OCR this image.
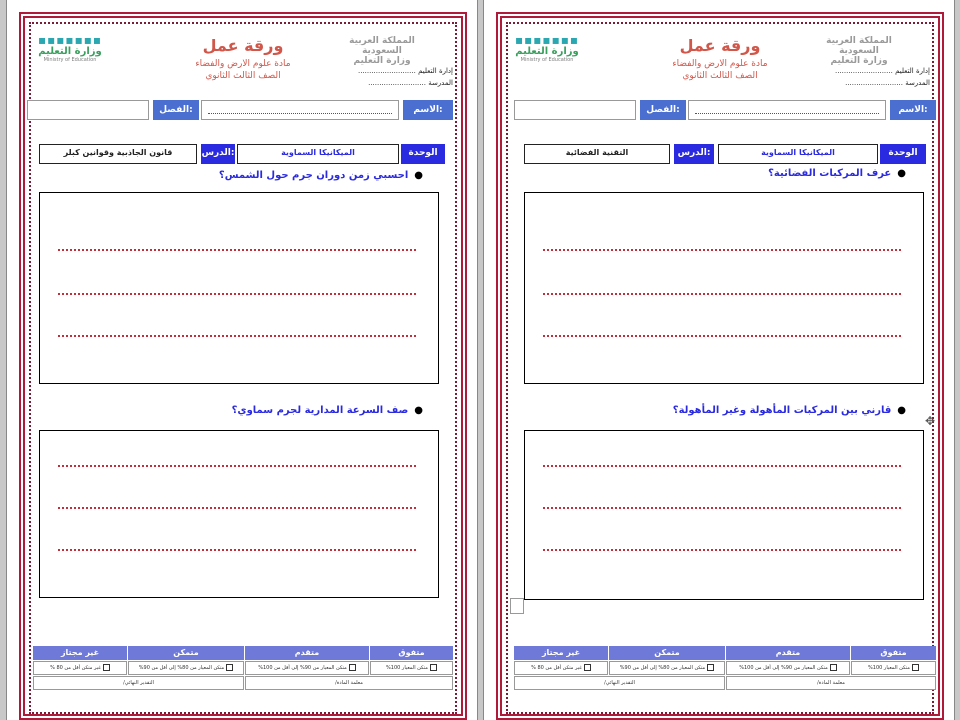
▪▪▪▪▪▪▪
وزارة التعليم
Ministry of Education
ورقة عمل
مادة علوم الارض والفضاء
الصف الثالث الثانوي
المملكة العربية السعودية
وزارة التعليم
إدارة التعليم ..........................
المدرسة ..........................
الفصل:	الاسم:
قانون الجاذبية وقوانين كبلر	الدرس:	الميكانيكا السماوية	الوحدة
●احسبي زمن دوران جرم حول الشمس؟
●صف السرعة المدارية لجرم سماوي؟
غير مجتاز	متمكن	متقدم	متفوق
غير متكن أقل من 80 %	متكن المعيار من 80% إلى أقل من 90%	متكن المعيار من 90% إلى أقل من 100%	متكن المعيار 100%
التقدير النهائي/	معلمة المادة/
▪▪▪▪▪▪▪
وزارة التعليم
Ministry of Education
ورقة عمل
مادة علوم الارض والفضاء
الصف الثالث الثانوي
المملكة العربية السعودية
وزارة التعليم
إدارة التعليم ..........................
المدرسة ..........................
الفصل:	الاسم:
التقنية الفضائية	الدرس:	الميكانيكا السماوية	الوحدة
●عرف المركبات الفضائية؟
●قارني بين المركبات المأهولة وغير المأهولة؟
✥
غير مجتاز	متمكن	متقدم	متفوق
غير متكن أقل من 80 %	متكن المعيار من 80% إلى أقل من 90%	متكن المعيار من 90% إلى أقل من 100%	متكن المعيار 100%
التقدير النهائي/	معلمة المادة/
